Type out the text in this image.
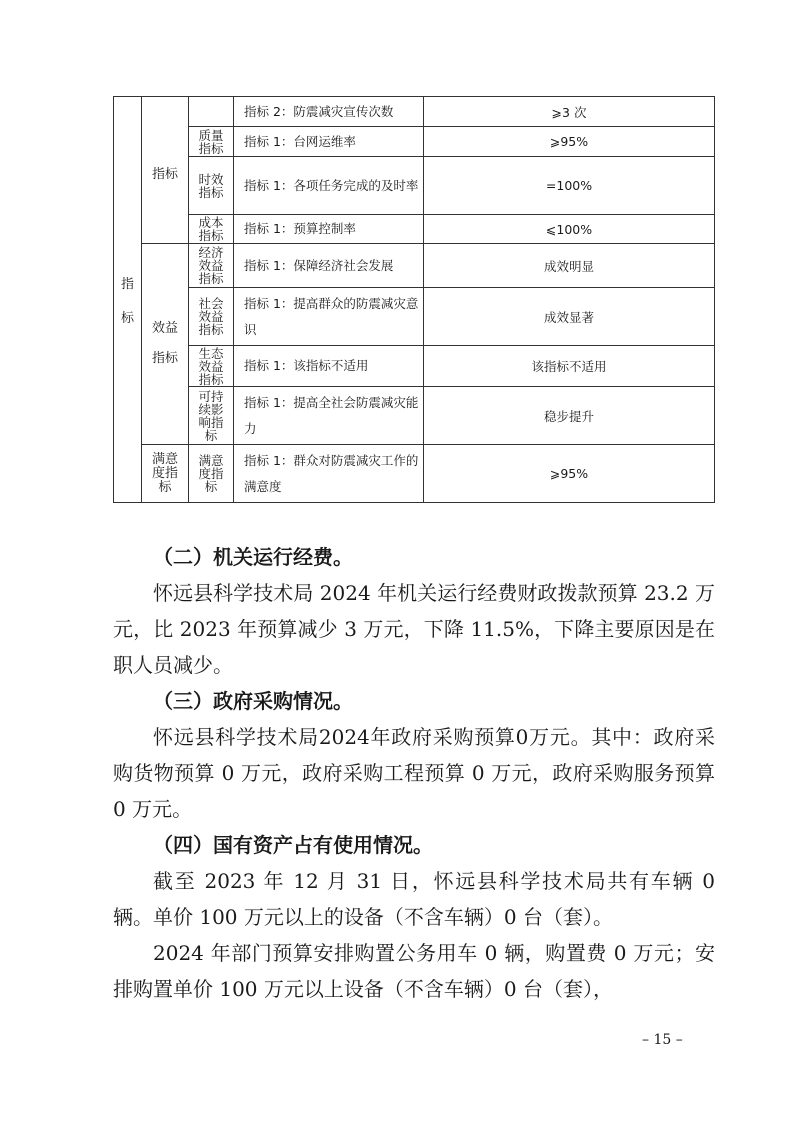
指标	指标		指标 2：防震减灾宣传次数	⩾3 次
		质量指标	指标 1：台网运维率	⩾95%
		时效指标	指标 1：各项任务完成的及时率	=100%
		成本指标	指标 1：预算控制率	⩽100%
	效益指标	经济效益指标	指标 1：保障经济社会发展	成效明显
		社会效益指标	指标 1：提高群众的防震减灾意识	成效显著
		生态效益指标	指标 1：该指标不适用	该指标不适用
		可持续影响指标	指标 1：提高全社会防震减灾能力	稳步提升
	满意度指标	满意度指标	指标 1：群众对防震减灾工作的满意度	⩾95%

（二）机关运行经费。

怀远县科学技术局 2024 年机关运行经费财政拨款预算 23.2 万元，比 2023 年预算减少 3 万元，下降 11.5%，下降主要原因是在职人员减少。

（三）政府采购情况。

怀远县科学技术局2024年政府采购预算0万元。其中：政府采购货物预算 0 万元，政府采购工程预算 0 万元，政府采购服务预算 0 万元。

（四）国有资产占有使用情况。

截至 2023 年 12 月 31 日，怀远县科学技术局共有车辆 0 辆。单价 100 万元以上的设备（不含车辆）0 台（套）。

2024 年部门预算安排购置公务用车 0 辆，购置费 0 万元；安排购置单价 100 万元以上设备（不含车辆）0 台（套），

– 15 –
